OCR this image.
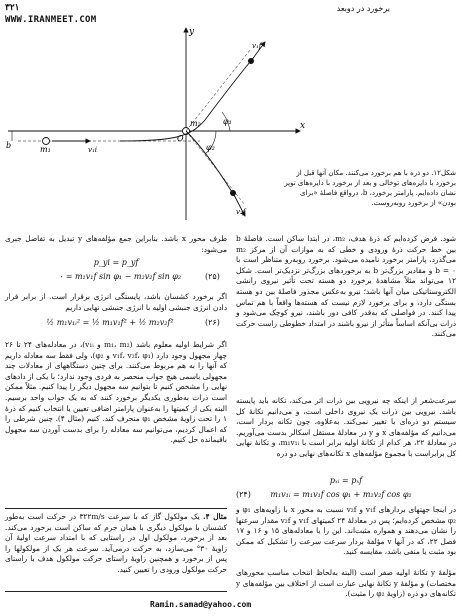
برخورد در دوبعد
۳۲۱
WWW.IRANMEET.COM
y
x
O
b	m₁	v₁i
m₂
v₁f
v₂f
φ₁
φ₂
شکل۱۲. دو ذره با هم برخورد می‌کنند. مکان آنها قبل از برخورد با دایره‌های توخالی و بعد از برخورد با دایره‌های توپر نشان داده‌ایم. پارامتر برخورد، b، درواقع فاصلهٔ «برای بودن» از برخورد روبه‌روست.
شود. فرض کرده‌ایم که ذرهٔ هدف، m₂، در ابتدا ساکن است. فاصلهٔ b بین خط حرکت ذرهٔ ورودی و خطی که به موازات آن از مرکز m₂ می‌گذرد، پارامتر برخورد نامیده می‌شود. برخورد روبه‌رو متناظر است با b = ۰ و مقادیر بزرگ‌تر b به برخوردهای بزرگ‌تر نزدیک‌تر است. شکل ۱۲ می‌تواند مثلاً مشاهدهٔ برخورد دو هسته تحت تأثیر نیروی رانشی الکتروستاتیکی میان آنها باشد؛ نیرو به‌عکس مجذور فاصلهٔ بین دو هسته بستگی دارد، و برای برخورد لازم نیست که هسته‌ها واقعاً با هم تماس پیدا کنند. در فواصلی که به‌قدر کافی دور باشند، نیرو کوچک می‌شود و ذرات بی‌آنکه اساساً متأثر از نیرو باشند در امتداد خطوطی راست حرکت می‌کنند.
سرعت‌شعر از اینکه چه نیرویی بین ذرات اثر می‌کند، تکانه باید پایسته باشد. نیرویی بین ذرات یک نیروی داخلی است، و می‌دانیم تکانهٔ کل سیستم دو ذره‌ای با تغییر نمی‌کند. به‌علاوه، چون تکانه بردار است، می‌دانیم که مؤلفه‌های x و y در معادلهٔ مستقل اسکالر بدست می‌آوریم. در معادلهٔ ۲۲، هر کدام از تکانهٔ اولیه برابر است با m₁v₁ᵢ، و تکانهٔ نهایی کل برابراست با مجموع مؤلفه‌های x تکانه‌های نهایی دو ذره
pₓᵢ = pₓf
m₁v₁ᵢ = m₁v₁f cos φ₁ + m₂v₂f cos φ₂
(۲۴)
در اینجا جهتهای بردارهای v₁f و v₂f نسبت به محور x با زاویه‌های φ₁ و φ₂ مشخص کرده‌ایم؛ پس در معادلهٔ ۲۴ کمیتهای v₁f و v₂f مقدار سرعتها را نشان می‌دهند و همواره مثبت‌اند. این را با معادله‌های ۱۵ و ۱۶ و ۱۷ فصل ۲۲، که در آنها v مؤلفهٔ بردار سرعت سرعت را تشکیل که ممکن بود مثبت یا منفی باشد، مقایسه کنید.
مؤلفهٔ y تکانهٔ اولیه صفر است (البته به‌لحاظ انتخاب مناسب محورهای مختصات) و مؤلفهٔ y تکانهٔ نهایی عبارت است از اختلاف بین مؤلفه‌های y تکانه‌های دو ذره (زاویهٔ φ₂ را مثبت).
طرف محور x باشد. بنابراین جمع مؤلفه‌های y تبدیل به تفاضل جبری می‌شود:
p_yi = p_yf
۰ = m₁v₁f sin φ₁ − m₂v₂f sin φ₂	(۲۵)
اگر برخورد کشسان باشد، پایستگی انرژی برقرار است. از برابر قرار دادن انرژی جنبشی اولیه با انرژی جنبشی نهایی داریم
½ m₁v₁ᵢ² = ½ m₁v₁f² + ½ m₂v₂f²	(۲۶)
اگر شرایط اولیه معلوم باشد (m₁، m₂ و v₁ᵢ)، در معادله‌های ۲۴ تا ۲۶ چهار مجهول وجود دارد (v₁f، v₂f، φ₁ و φ₂)، ولی فقط سه معادله داریم که آنها را به هم مربوط می‌کنند. برای چنین دستگاههای از معادلات چند مجهولی باسمی هیچ جواب منحصر به فردی وجود ندارد؛ با یکی از دادهای نهایی را مشخص کنیم تا بتوانیم سه مجهول دیگر را پیدا کنیم. مثلاً ممکن است ذرات به‌طوری یکدیگر برخورد کنند که به یک جواب واحد برسیم. البته یکی از کمیتها را به‌عنوان پارامتر اضافی تعیین یا انتخاب کنیم که ذرهٔ ۱ را تحت زاویهٔ مشخص φ₁ منحرف کند. کنیم (مثال ۴). چنین شرطی را که اعمال کردیم، می‌توانیم سه معادله را برای بدست آوردن سه مجهول باقیمانده حل کنیم.
مثال ۴. یک مولکول گاز که با سرعت ۳۲۲m/s در حرکت است به‌طور کشسان با مولکول دیگری با همان جرم که ساکن است برخورد می‌کند. بعد از برخورد، مولکول اول در راستایی که با امتداد سرعت اولیهٔ آن زاویهٔ ۳۰° می‌سازد، به حرکت درمی‌آید. سرعت هر یک از مولکولها را پس از برخورد و همچنین زاویهٔ راستای حرکت مولکول هدف با راستای حرکت مولکول ورودی را تعیین کنید.
Ramin.samad@yahoo.com
